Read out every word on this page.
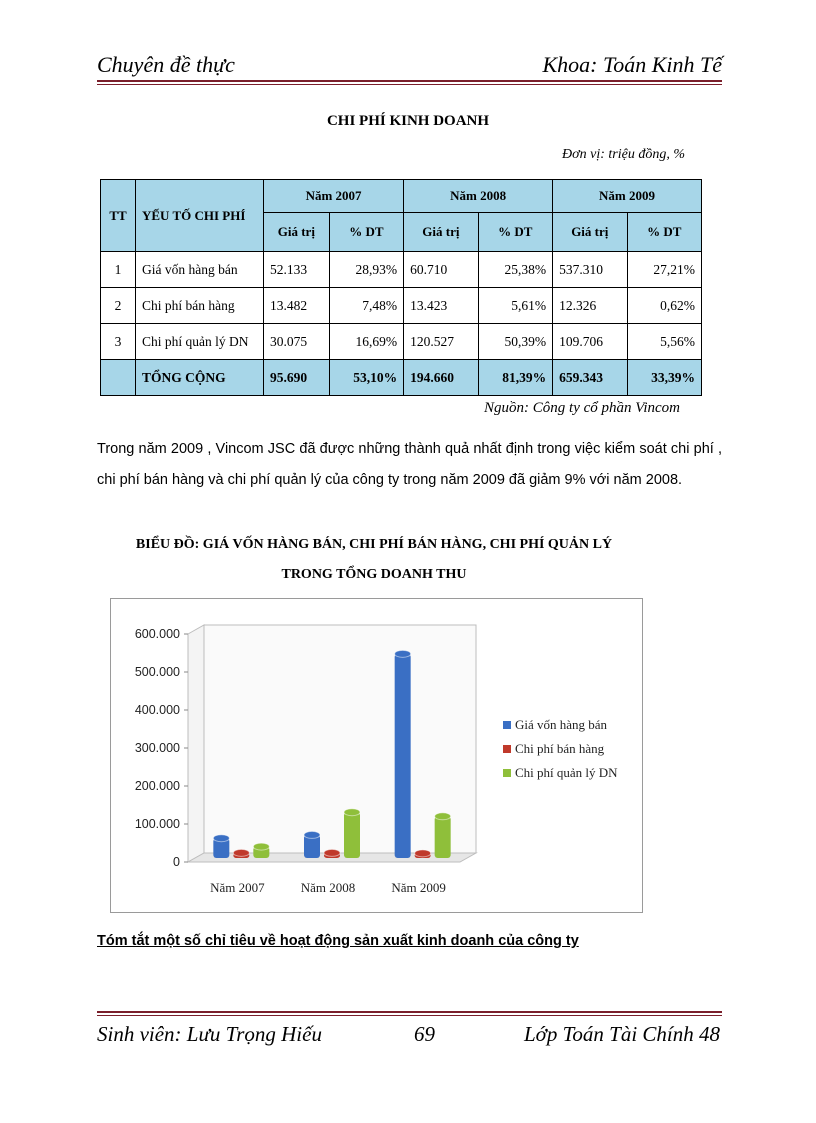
Chuyên đề thực	Khoa: Toán Kinh Tế
CHI PHÍ KINH DOANH
Đơn vị: triệu đồng, %
TT	YẾU TỐ CHI PHÍ	Năm 2007		Năm 2008		Năm 2009	
		Giá trị	% DT	Giá trị	% DT	Giá trị	% DT
1	Giá vốn hàng bán	52.133	28,93%	60.710	25,38%	537.310	27,21%
2	Chi phí bán hàng	13.482	7,48%	13.423	5,61%	12.326	0,62%
3	Chi phí quản lý DN	30.075	16,69%	120.527	50,39%	109.706	5,56%
	TỔNG CỘNG	95.690	53,10%	194.660	81,39%	659.343	33,39%
Nguồn: Công ty cổ phần Vincom
Trong năm 2009 , Vincom JSC đã được những thành quả nhất định trong việc kiểm soát chi phí , chi phí bán hàng và chi phí quản lý của công ty trong năm 2009 đã giảm 9% với năm 2008.
BIỂU ĐỒ: GIÁ VỐN HÀNG BÁN, CHI PHÍ BÁN HÀNG, CHI PHÍ QUẢN LÝ
TRONG TỔNG DOANH THU
0
100.000
200.000
300.000
400.000
500.000
600.000
Năm 2007	Năm 2008	Năm 2009
Giá vốn hàng bán
Chi phí bán hàng
Chi phí quản lý DN
Tóm tắt một số chỉ tiêu về hoạt động sản xuất kinh doanh của công ty
Sinh viên: Lưu Trọng Hiếu	69	Lớp Toán Tài Chính 48
